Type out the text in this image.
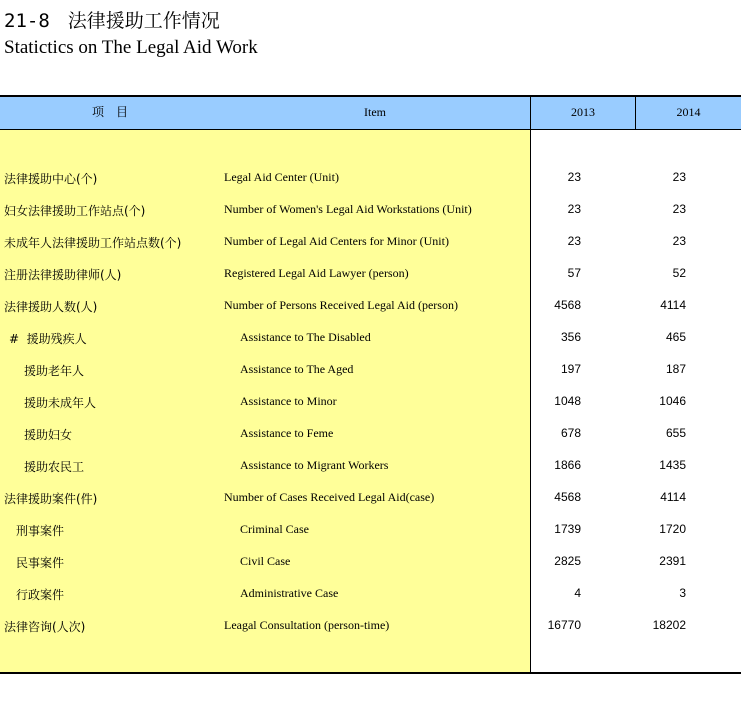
21-8 法律援助工作情况
Statictics on The Legal Aid Work
项    目	Item	2013	2014
法律援助中心(个)	Legal Aid Center (Unit)	23	23
妇女法律援助工作站点(个)	Number of Women's Legal Aid Workstations (Unit)	23	23
未成年人法律援助工作站点数(个)	Number of Legal Aid Centers for Minor (Unit)	23	23
注册法律援助律师(人)	Registered Legal Aid Lawyer (person)	57	52
法律援助人数(人)	Number of Persons Received Legal Aid (person)	4568	4114
#  援助残疾人	Assistance to The Disabled	356	465
援助老年人	Assistance to The Aged	197	187
援助未成年人	Assistance to Minor	1048	1046
援助妇女	Assistance to Feme	678	655
援助农民工	Assistance to Migrant Workers	1866	1435
法律援助案件(件)	Number of Cases Received Legal Aid(case)	4568	4114
刑事案件	Criminal Case	1739	1720
民事案件	Civil Case	2825	2391
行政案件	Administrative Case	4	3
法律咨询(人次)	Leagal Consultation (person-time)	16770	18202
